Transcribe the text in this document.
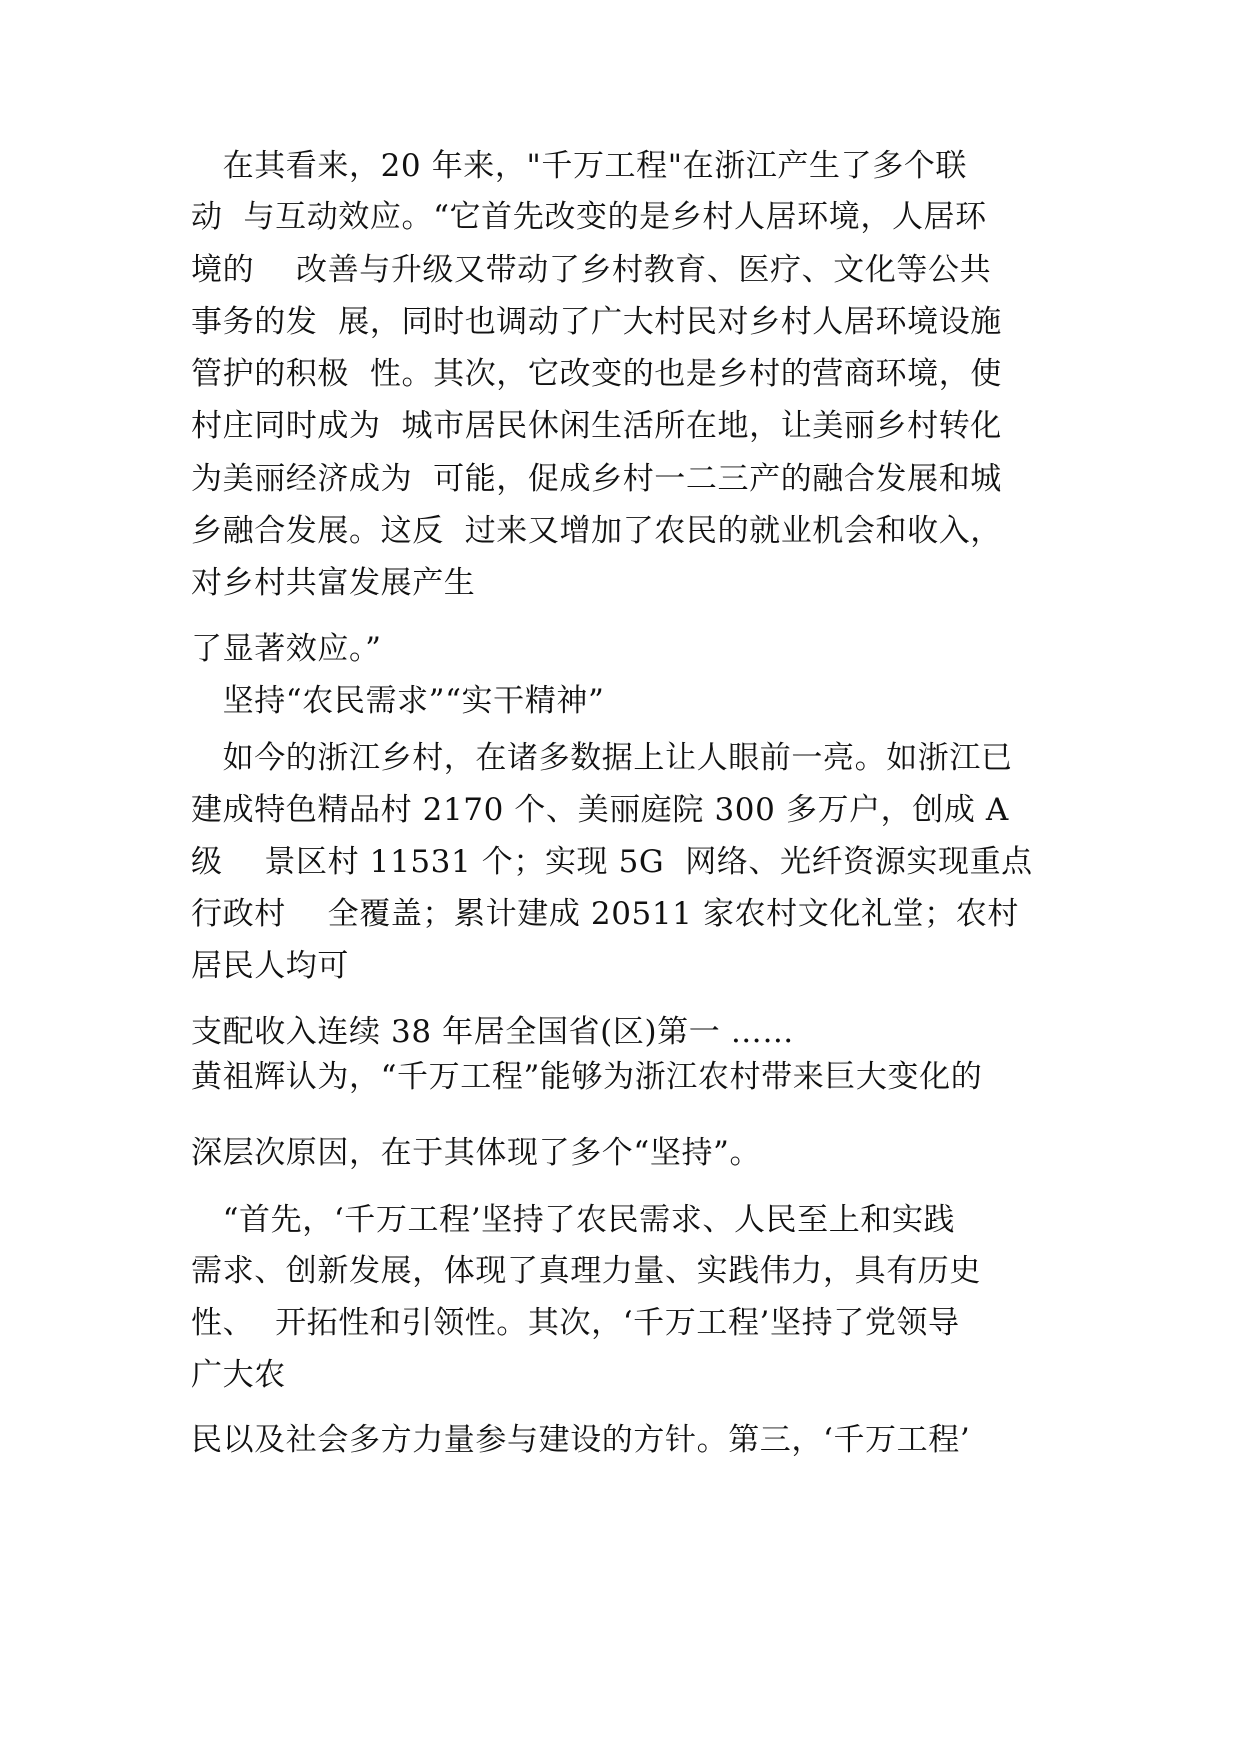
　在其看来，20 年来，"千万工程"在浙江产生了多个联
动  与互动效应。“它首先改变的是乡村人居环境，人居环
境的    改善与升级又带动了乡村教育、医疗、文化等公共
事务的发  展，同时也调动了广大村民对乡村人居环境设施
管护的积极  性。其次，它改变的也是乡村的营商环境，使
村庄同时成为  城市居民休闲生活所在地，让美丽乡村转化
为美丽经济成为  可能，促成乡村一二三产的融合发展和城
乡融合发展。这反  过来又增加了农民的就业机会和收入，
对乡村共富发展产生
了显著效应。”
　坚持“农民需求”“实干精神”
　如今的浙江乡村，在诸多数据上让人眼前一亮。如浙江已
建成特色精品村 2170 个、美丽庭院 300 多万户，创成 A
级    景区村 11531 个；实现 5G  网络、光纤资源实现重点
行政村    全覆盖；累计建成 20511 家农村文化礼堂；农村
居民人均可
支配收入连续 38 年居全国省(区)第一 ……
黄祖辉认为，“千万工程”能够为浙江农村带来巨大变化的
深层次原因，在于其体现了多个“坚持”。
　“首先，‘千万工程’坚持了农民需求、人民至上和实践
需求、创新发展，体现了真理力量、实践伟力，具有历史
性、  开拓性和引领性。其次，‘千万工程’坚持了党领导
广大农
民以及社会多方力量参与建设的方针。第三，‘千万工程’
